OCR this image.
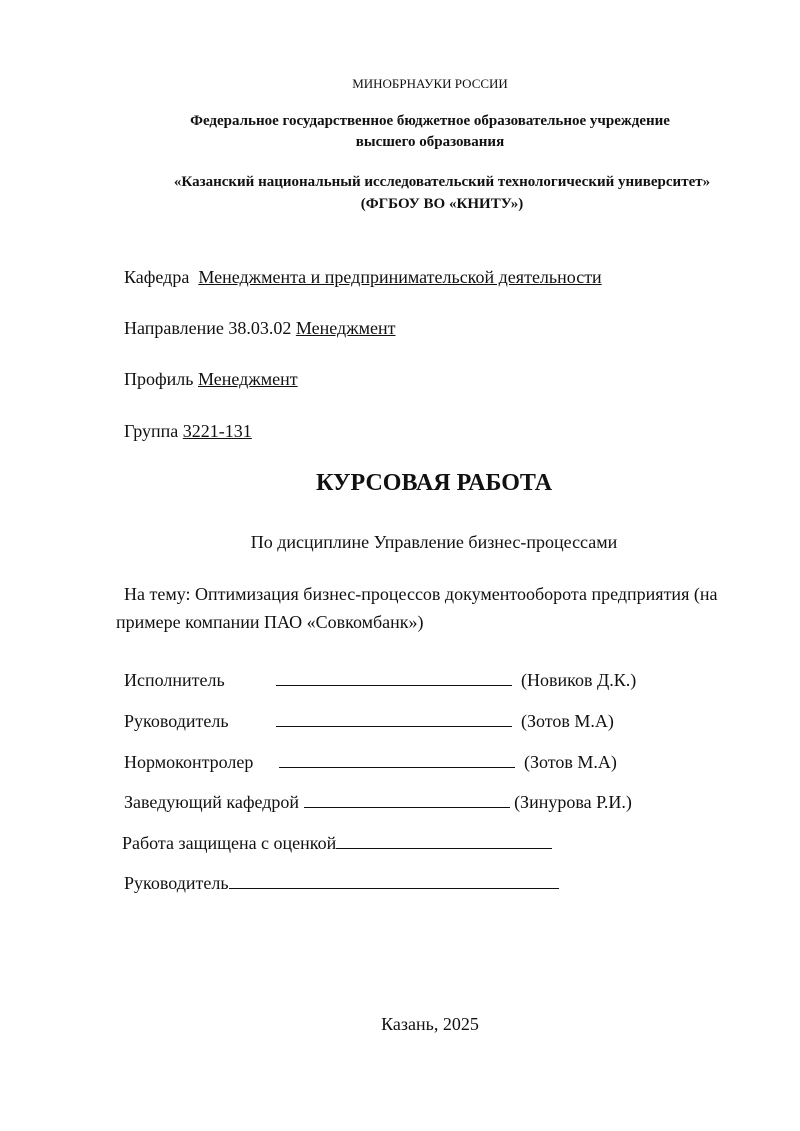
МИНОБРНАУКИ РОССИИ
Федеральное государственное бюджетное образовательное учреждение
высшего образования
«Казанский национальный исследовательский технологический университет»
(ФГБОУ ВО «КНИТУ»)
Кафедра Менеджмента и предпринимательской деятельности
Направление 38.03.02 Менеджмент
Профиль Менеджмент
Группа 3221-131
КУРСОВАЯ РАБОТА
По дисциплине Управление бизнес-процессами
На тему: Оптимизация бизнес-процессов документооборота предприятия (на примере компании ПАО «Совкомбанк»)
Исполнитель	(Новиков Д.К.)
Руководитель	(Зотов М.А)
Нормоконтролер	(Зотов М.А)
Заведующий кафедрой	(Зинурова Р.И.)
Работа защищена с оценкой
Руководитель
Казань, 2025
